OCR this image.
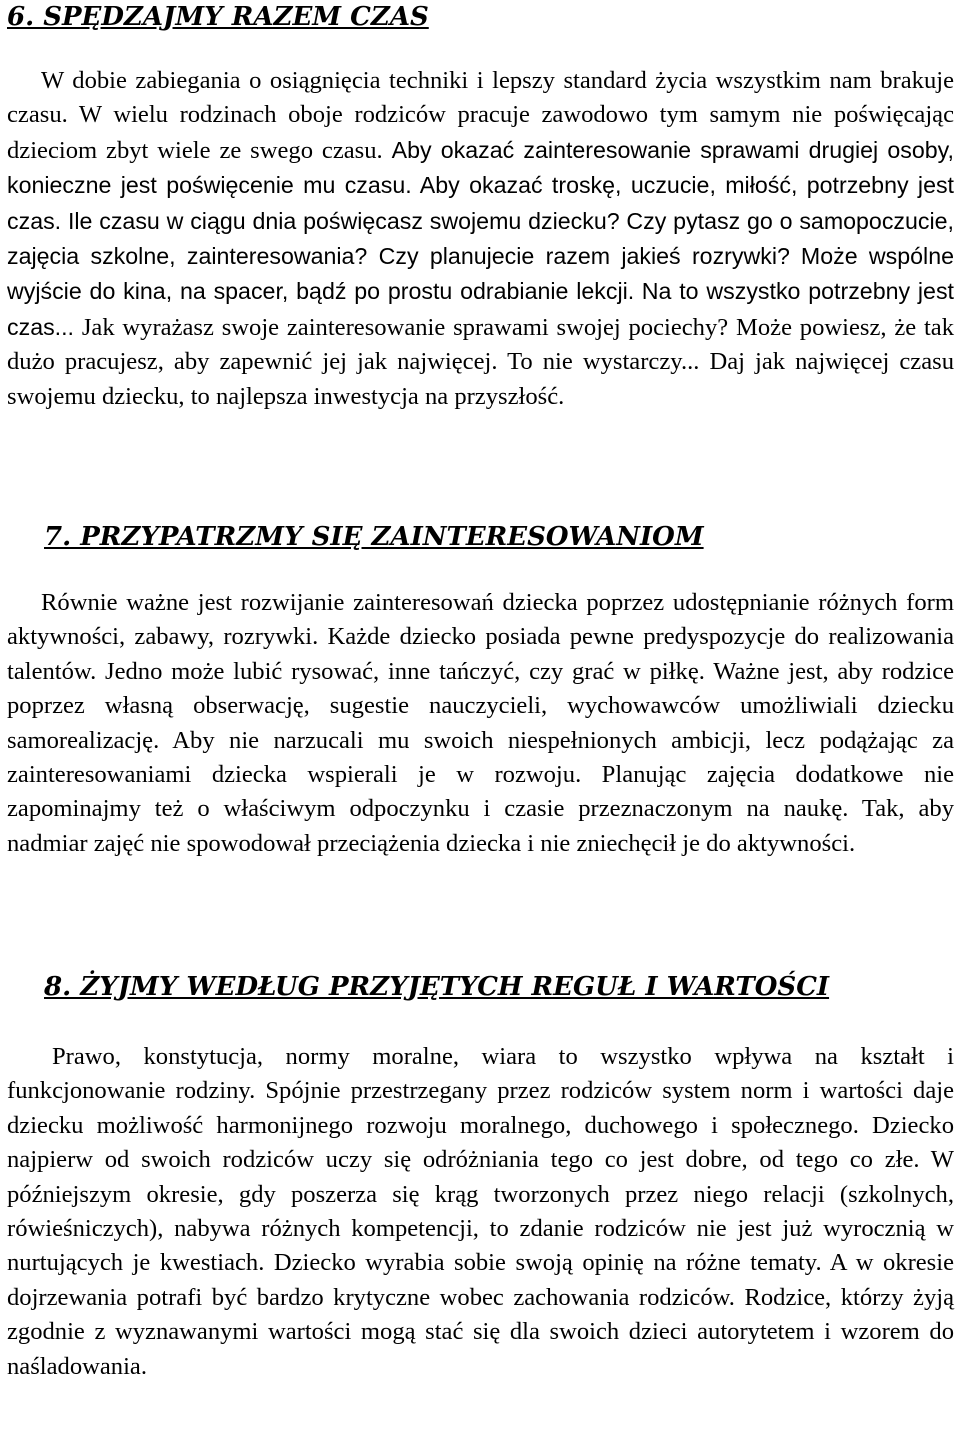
6. SPĘDZAJMY RAZEM CZAS

W dobie zabiegania o osiągnięcia techniki i lepszy standard życia wszystkim nam brakuje czasu. W wielu rodzinach oboje rodziców pracuje zawodowo tym samym nie poświęcając dzieciom zbyt wiele ze swego czasu. Aby okazać zainteresowanie sprawami drugiej osoby, konieczne jest poświęcenie mu czasu. Aby okazać troskę, uczucie, miłość, potrzebny jest czas. Ile czasu w ciągu dnia poświęcasz swojemu dziecku? Czy pytasz go o samopoczucie, zajęcia szkolne, zainteresowania? Czy planujecie razem jakieś rozrywki? Może wspólne wyjście do kina, na spacer, bądź po prostu odrabianie lekcji. Na to wszystko potrzebny jest czas... Jak wyrażasz swoje zainteresowanie sprawami swojej pociechy? Może powiesz, że tak dużo pracujesz, aby zapewnić jej jak najwięcej. To nie wystarczy... Daj jak najwięcej czasu swojemu dziecku, to najlepsza inwestycja na przyszłość.

7. PRZYPATRZMY SIĘ ZAINTERESOWANIOM

Równie ważne jest rozwijanie zainteresowań dziecka poprzez udostępnianie różnych form aktywności, zabawy, rozrywki. Każde dziecko posiada pewne predyspozycje do realizowania talentów. Jedno może lubić rysować, inne tańczyć, czy grać w piłkę. Ważne jest, aby rodzice poprzez własną obserwację, sugestie nauczycieli, wychowawców umożliwiali dziecku samorealizację. Aby nie narzucali mu swoich niespełnionych ambicji, lecz podążając za zainteresowaniami dziecka wspierali je w rozwoju. Planując zajęcia dodatkowe nie zapominajmy też o właściwym odpoczynku i czasie przeznaczonym na naukę. Tak, aby nadmiar zajęć nie spowodował przeciążenia dziecka i nie zniechęcił je do aktywności.

8. ŻYJMY WEDŁUG PRZYJĘTYCH REGUŁ I WARTOŚCI

Prawo, konstytucja, normy moralne, wiara to wszystko wpływa na kształt i funkcjonowanie rodziny. Spójnie przestrzegany przez rodziców system norm i wartości daje dziecku możliwość harmonijnego rozwoju moralnego, duchowego i społecznego. Dziecko najpierw od swoich rodziców uczy się odróżniania tego co jest dobre, od tego co złe. W późniejszym okresie, gdy poszerza się krąg tworzonych przez niego relacji (szkolnych, rówieśniczych), nabywa różnych kompetencji, to zdanie rodziców nie jest już wyrocznią w nurtujących je kwestiach. Dziecko wyrabia sobie swoją opinię na różne tematy. A w okresie dojrzewania potrafi być bardzo krytyczne wobec zachowania rodziców. Rodzice, którzy żyją zgodnie z wyznawanymi wartości mogą stać się dla swoich dzieci autorytetem i wzorem do naśladowania.
